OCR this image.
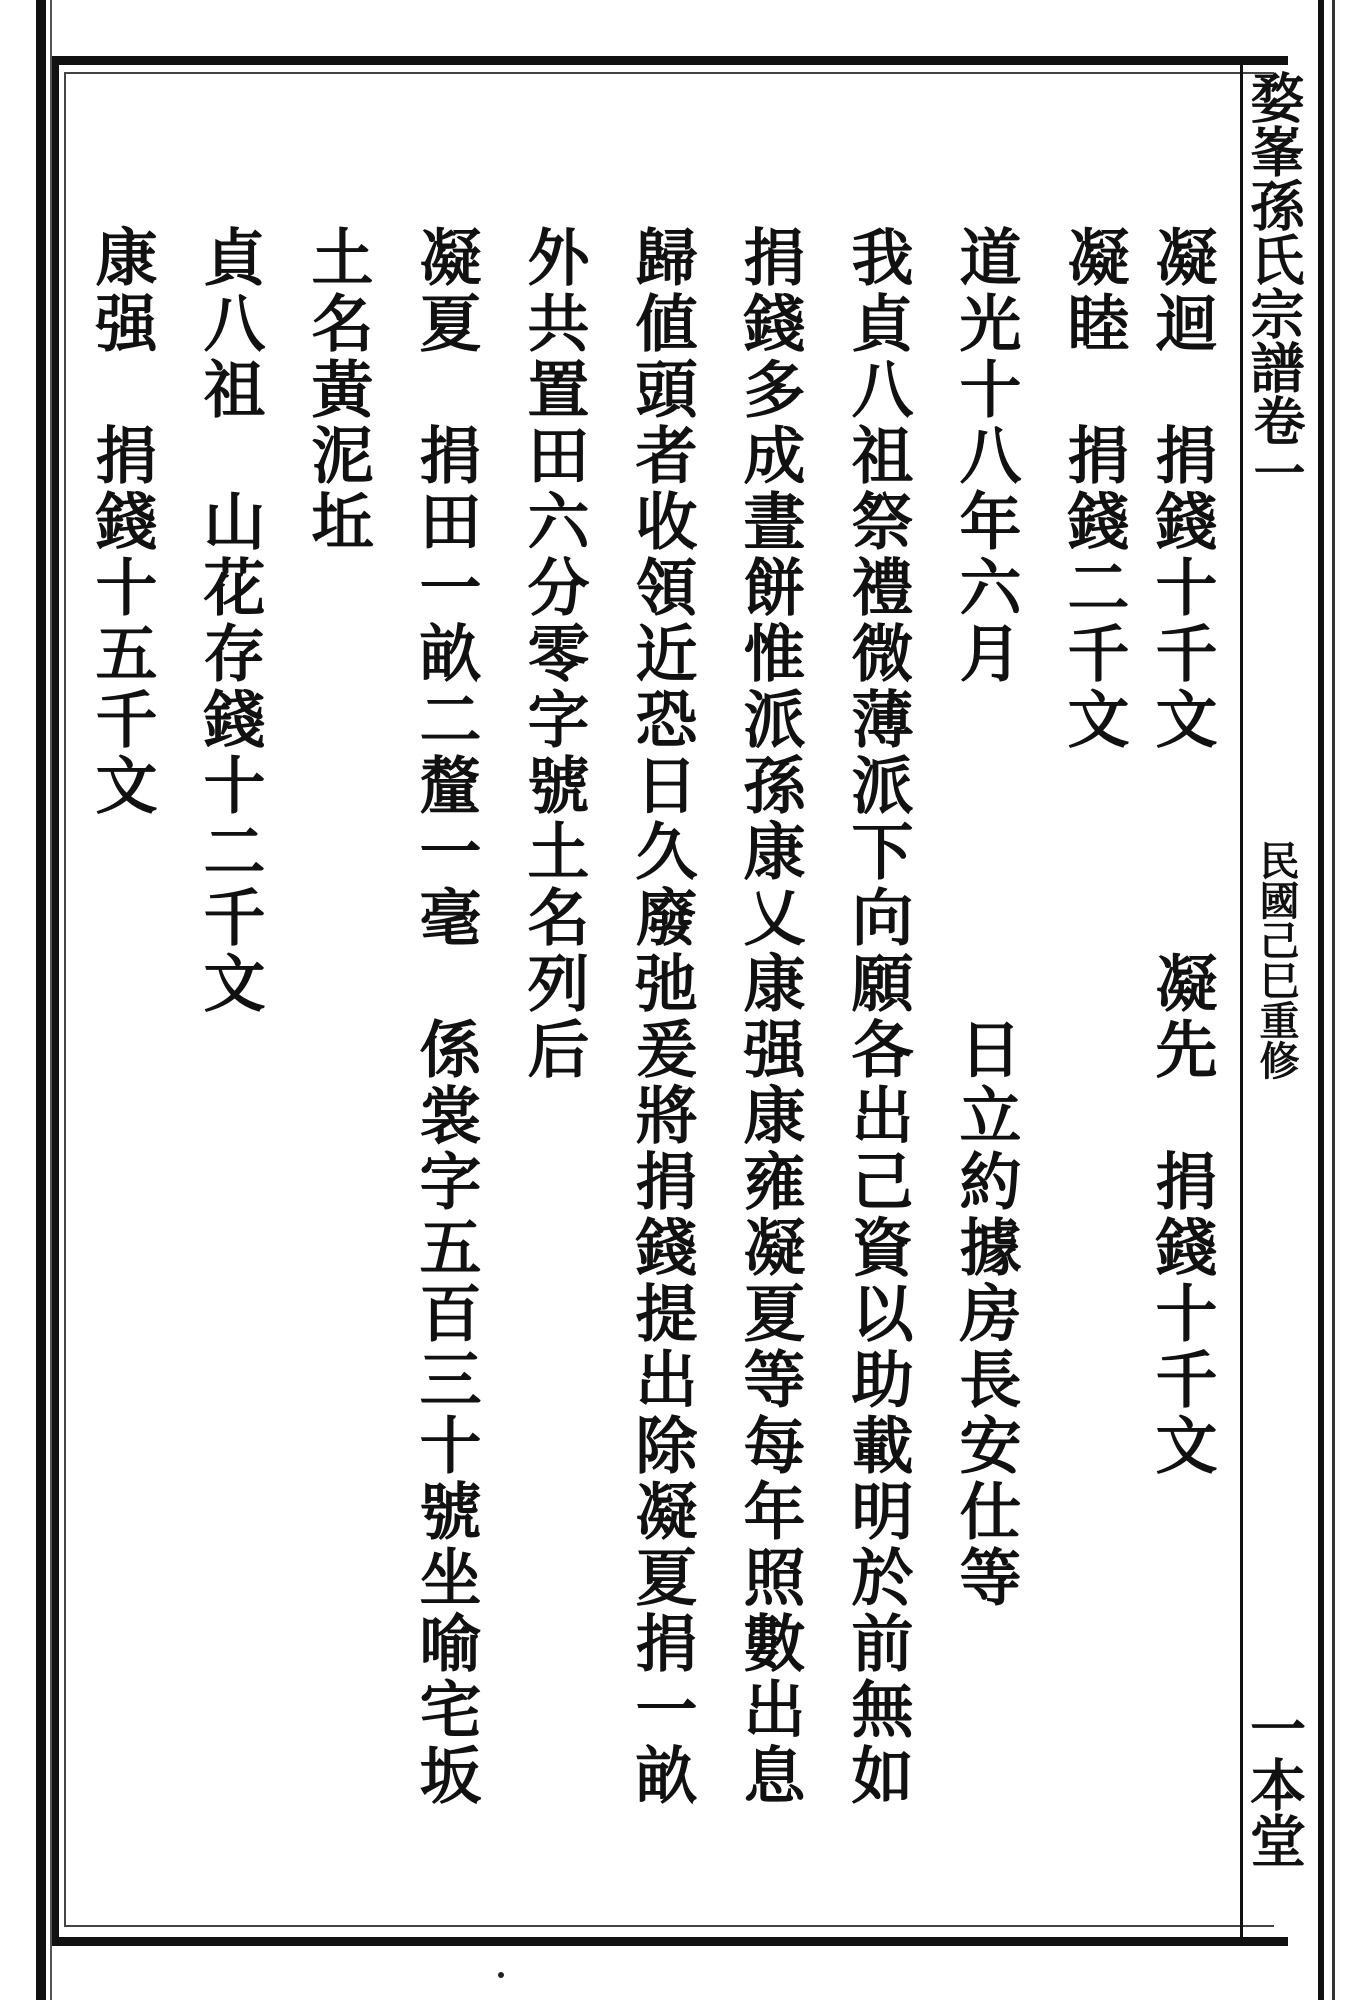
婺峯孫氏宗譜卷一
民國己巳重修
一本堂
凝迴　捐錢十千文　　　凝先　捐錢十千文
凝睦　捐錢二千文
道光十八年六月　　　　　日立約據房長安仕等
我貞八祖祭禮微薄派下向願各出己資以助載明於前無如
捐錢多成晝餅惟派孫康乂康强康雍凝夏等每年照數出息
歸値頭者收領近恐日久廢弛爰將捐錢提出除凝夏捐一畝
外共置田六分零字號土名列后
凝夏　捐田一畝二釐一毫　係裳字五百三十號坐喻宅坂
土名黃泥坵
貞八祖　山花存錢十二千文
康强　捐錢十五千文
